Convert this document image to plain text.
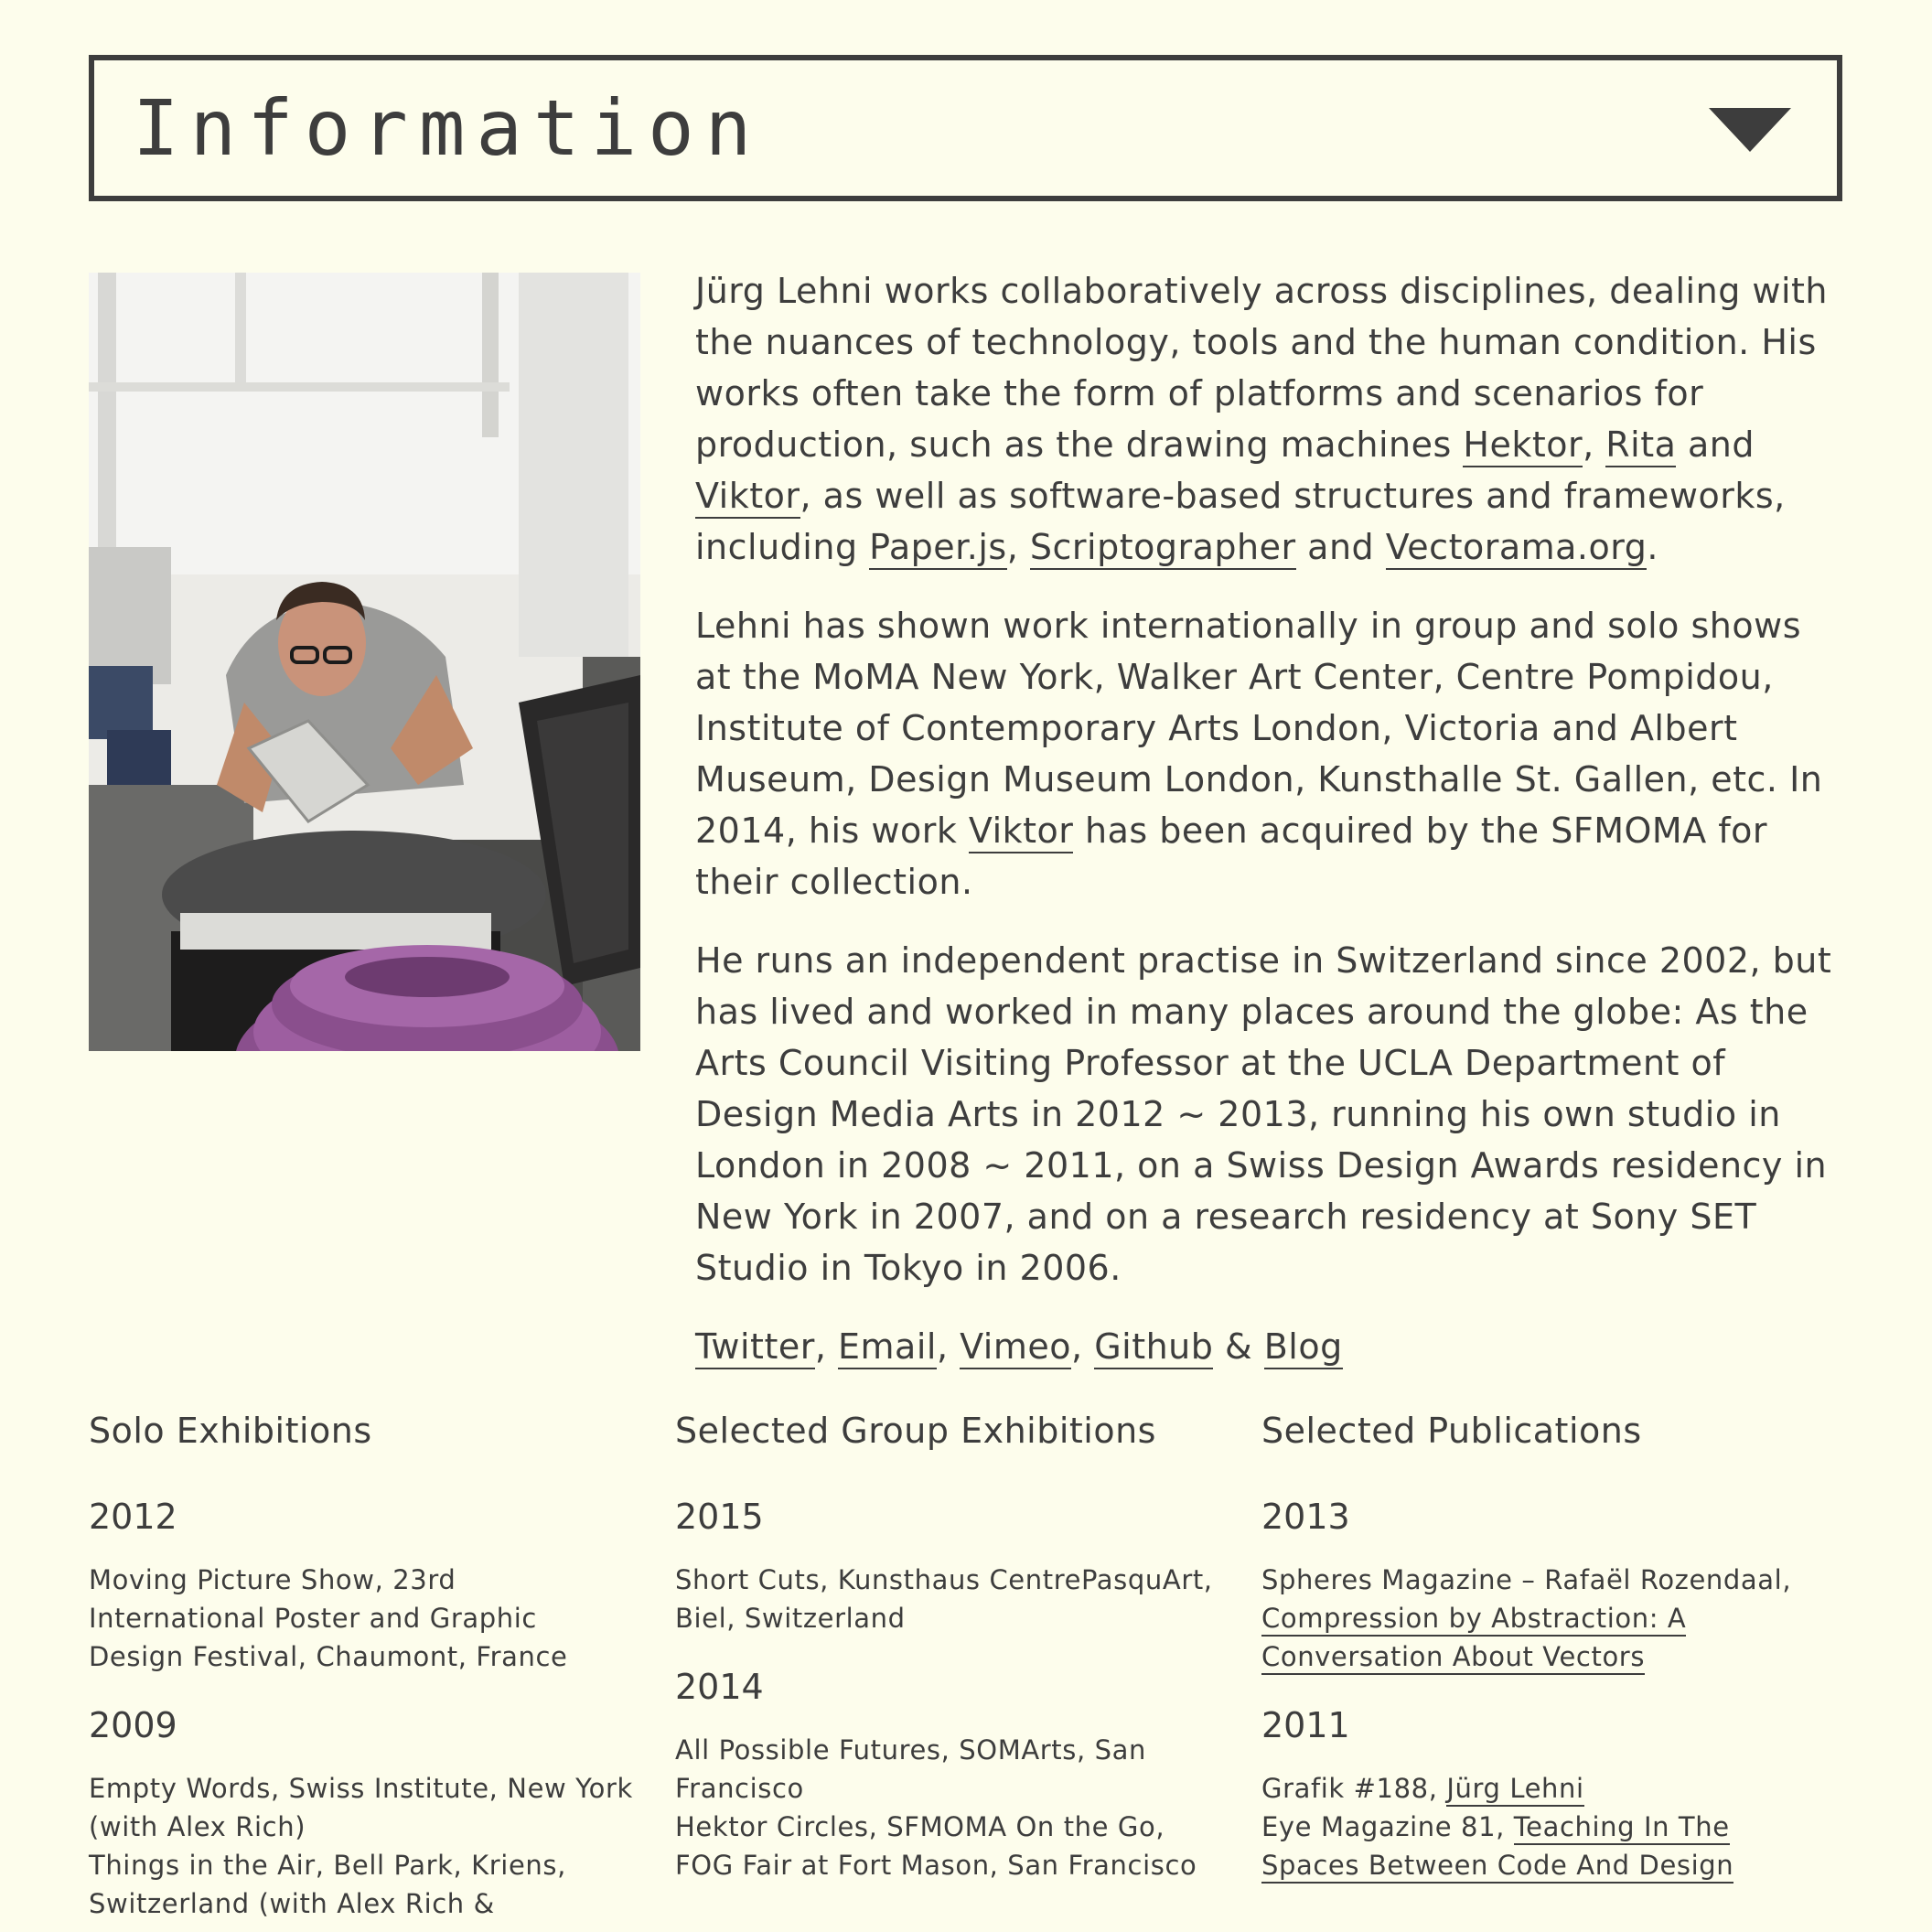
Information

Jürg Lehni works collaboratively across disciplines, dealing with the nuances of technology, tools and the human condition. His works often take the form of platforms and scenarios for production, such as the drawing machines Hektor, Rita and Viktor, as well as software-based structures and frameworks, including Paper.js, Scriptographer and Vectorama.org.

Lehni has shown work internationally in group and solo shows at the MoMA New York, Walker Art Center, Centre Pompidou, Institute of Contemporary Arts London, Victoria and Albert Museum, Design Museum London, Kunsthalle St. Gallen, etc. In 2014, his work Viktor has been acquired by the SFMOMA for their collection.

He runs an independent practise in Switzerland since 2002, but has lived and worked in many places around the globe: As the Arts Council Visiting Professor at the UCLA Department of Design Media Arts in 2012 ~ 2013, running his own studio in London in 2008 ~ 2011, on a Swiss Design Awards residency in New York in 2007, and on a research residency at Sony SET Studio in Tokyo in 2006.

Twitter, Email, Vimeo, Github & Blog

Solo Exhibitions
2012
Moving Picture Show, 23rd International Poster and Graphic Design Festival, Chaumont, France
2009
Empty Words, Swiss Institute, New York (with Alex Rich)
Things in the Air, Bell Park, Kriens, Switzerland (with Alex Rich &
Selected Group Exhibitions
2015
Short Cuts, Kunsthaus CentrePasquArt, Biel, Switzerland
2014
All Possible Futures, SOMArts, San Francisco
Hektor Circles, SFMOMA On the Go, FOG Fair at Fort Mason, San Francisco
Selected Publications
2013
Spheres Magazine – Rafaël Rozendaal, Compression by Abstraction: A Conversation About Vectors
2011
Grafik #188, Jürg Lehni
Eye Magazine 81, Teaching In The Spaces Between Code And Design
